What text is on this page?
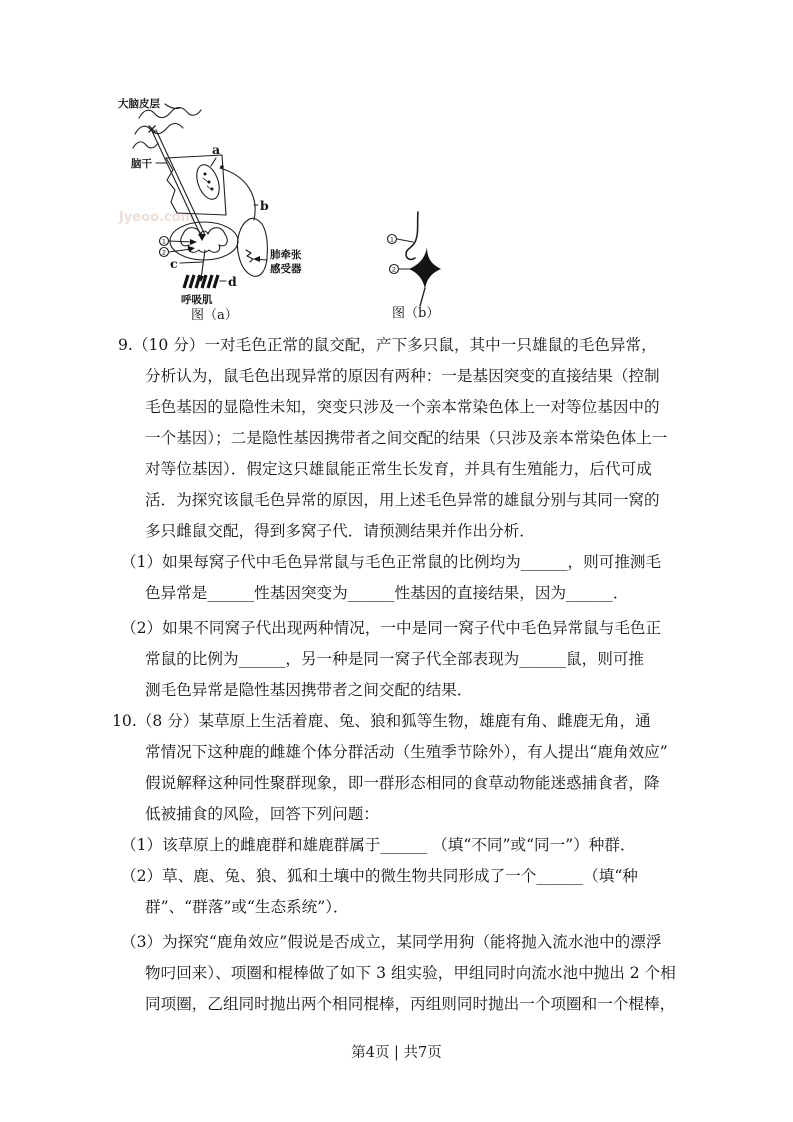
Jyeoo.com
大脑皮层
脑干
a
b
肺牵张
感受器
1
2
c
d
呼吸肌
图（a）
1
2
图（b）
9.（10 分）一对毛色正常的鼠交配，产下多只鼠，其中一只雄鼠的毛色异常，
分析认为，鼠毛色出现异常的原因有两种：一是基因突变的直接结果（控制
毛色基因的显隐性未知，突变只涉及一个亲本常染色体上一对等位基因中的
一个基因）；二是隐性基因携带者之间交配的结果（只涉及亲本常染色体上一
对等位基因）．假定这只雄鼠能正常生长发育，并具有生殖能力，后代可成
活．为探究该鼠毛色异常的原因，用上述毛色异常的雄鼠分别与其同一窝的
多只雌鼠交配，得到多窝子代．请预测结果并作出分析．
（1）如果每窝子代中毛色异常鼠与毛色正常鼠的比例均为______，则可推测毛
色异常是______性基因突变为______性基因的直接结果，因为______．
（2）如果不同窝子代出现两种情况，一中是同一窝子代中毛色异常鼠与毛色正
常鼠的比例为______，另一种是同一窝子代全部表现为______鼠，则可推
测毛色异常是隐性基因携带者之间交配的结果．
10.（8 分）某草原上生活着鹿、兔、狼和狐等生物，雄鹿有角、雌鹿无角，通
常情况下这种鹿的雌雄个体分群活动（生殖季节除外），有人提出“鹿角效应”
假说解释这种同性聚群现象，即一群形态相同的食草动物能迷惑捕食者，降
低被捕食的风险，回答下列问题：
（1）该草原上的雌鹿群和雄鹿群属于______ （填“不同”或“同一”）种群．
（2）草、鹿、兔、狼、狐和土壤中的微生物共同形成了一个______（填“种
群”、“群落”或“生态系统”）．
（3）为探究“鹿角效应”假说是否成立，某同学用狗（能将抛入流水池中的漂浮
物叼回来）、项圈和棍棒做了如下 3 组实验，甲组同时向流水池中抛出 2 个相
同项圈，乙组同时抛出两个相同棍棒，丙组则同时抛出一个项圈和一个棍棒，
第4页 | 共7页
